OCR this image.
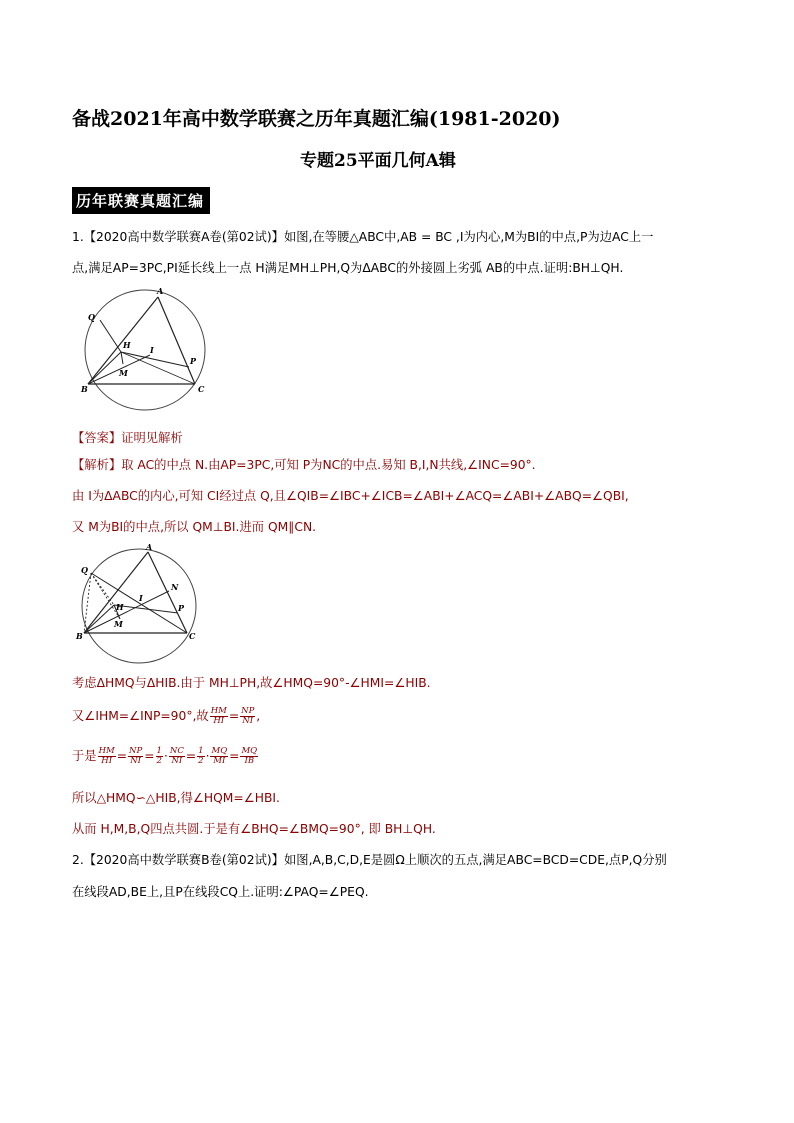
备战2021年高中数学联赛之历年真题汇编(1981-2020)
专题25平面几何A辑
历年联赛真题汇编
1.【2020高中数学联赛A卷(第02试)】如图,在等腰△ABC中,AB = BC ,I为内心,M为BI的中点,P为边AC上一
点,满足AP=3PC,PI延长线上一点 H满足MH⊥PH,Q为ΔABC的外接圆上劣弧 AB的中点.证明:BH⊥QH.
A
Q
H I
P
B
M
C
【答案】证明见解析
【解析】取 AC的中点 N.由AP=3PC,可知 P为NC的中点.易知 B,I,N共线,∠INC=90°.
由 I为ΔABC的内心,可知 CI经过点 Q,且∠QIB=∠IBC+∠ICB=∠ABI+∠ACQ=∠ABI+∠ABQ=∠QBI,
又 M为BI的中点,所以 QM⊥BI.进而 QM∥CN.
A
Q
N
H
I
P
B
M
C
考虑ΔHMQ与ΔHIB.由于 MH⊥PH,故∠HMQ=90°-∠HMI=∠HIB.
又∠IHM=∠INP=90°,故 $\frac{HM}{HI} = \frac{NP}{NI}$ ,
于是 $\frac{HM}{HI} = \frac{NP}{NI} = \frac{1}{2} \cdot \frac{NC}{NI} = \frac{1}{2} \cdot \frac{MQ}{MI} = \frac{MQ}{IB}$
所以△HMQ∽△HIB,得∠HQM=∠HBI.
从而 H,M,B,Q四点共圆.于是有∠BHQ=∠BMQ=90°, 即 BH⊥QH.
2.【2020高中数学联赛B卷(第02试)】如图,A,B,C,D,E是圆Ω上顺次的五点,满足ABC=BCD=CDE,点P,Q分别
在线段AD,BE上,且P在线段CQ上.证明:∠PAQ=∠PEQ.
